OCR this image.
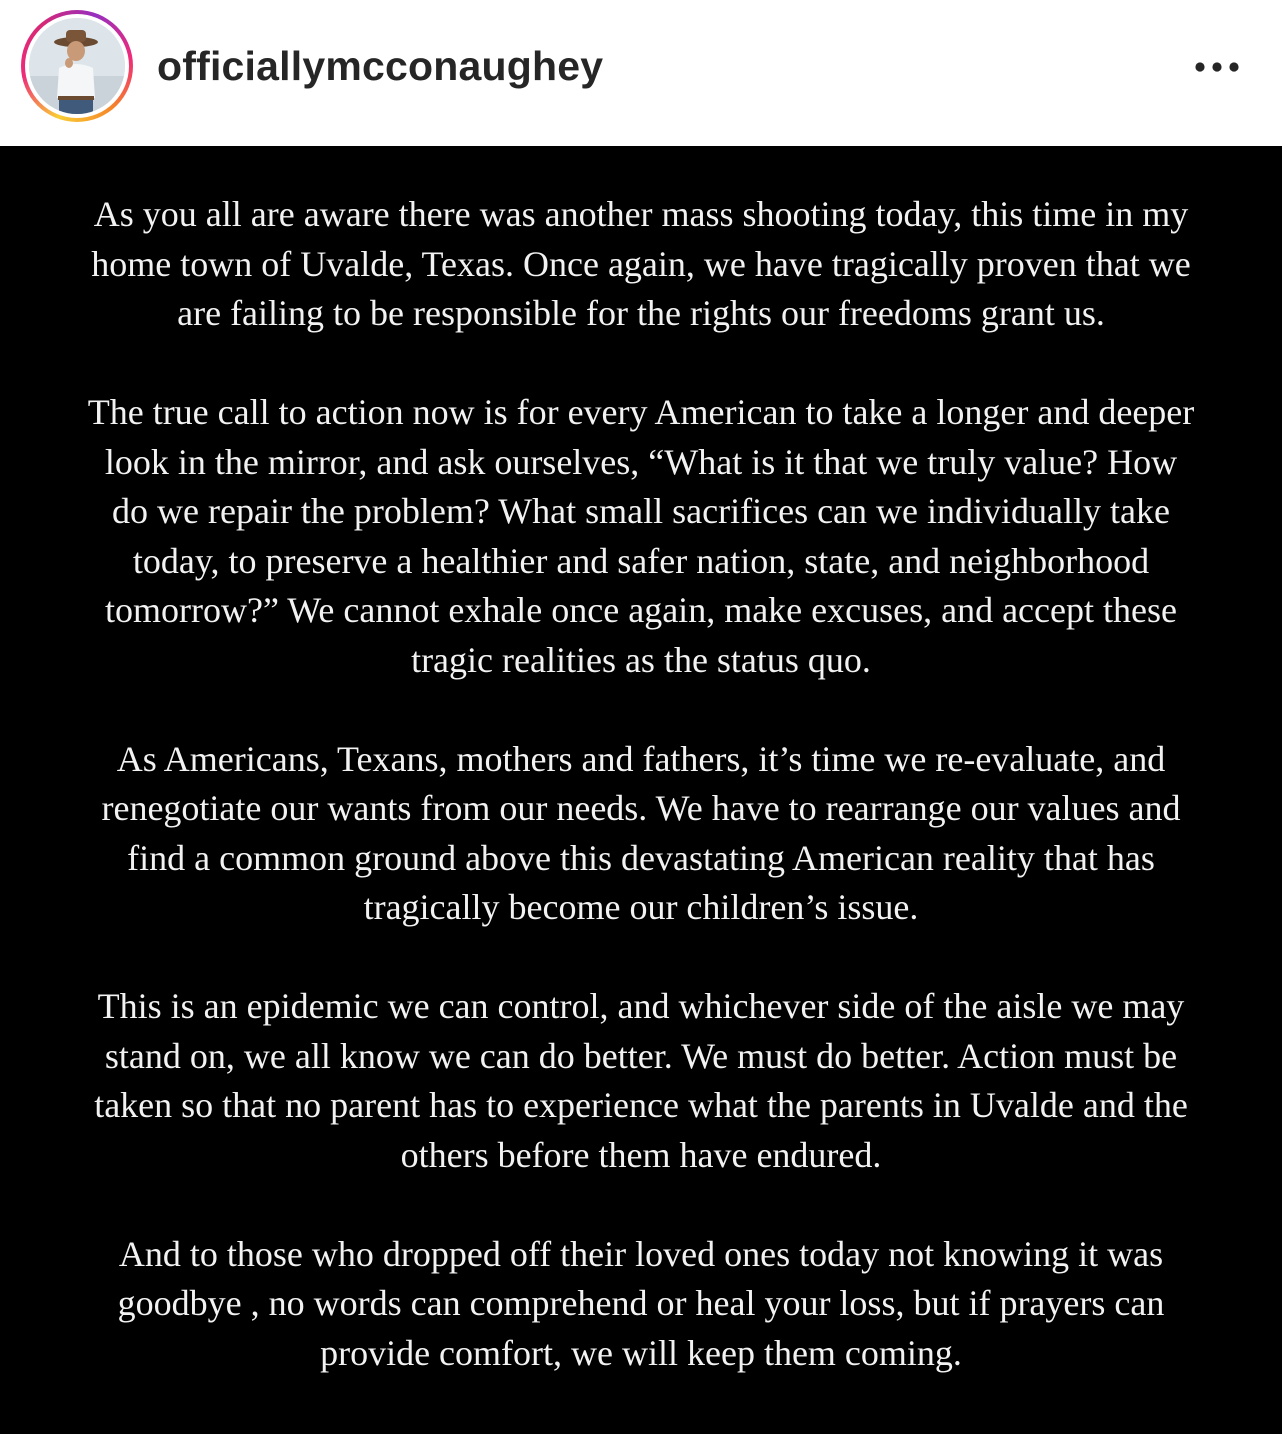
officiallymcconaughey
As you all are aware there was another mass shooting today, this time in my
home town of Uvalde, Texas. Once again, we have tragically proven that we
are failing to be responsible for the rights our freedoms grant us.
The true call to action now is for every American to take a longer and deeper
look in the mirror, and ask ourselves, “What is it that we truly value? How
do we repair the problem? What small sacrifices can we individually take
today, to preserve a healthier and safer nation, state, and neighborhood
tomorrow?” We cannot exhale once again, make excuses, and accept these
tragic realities as the status quo.
As Americans, Texans, mothers and fathers, it’s time we re-evaluate, and
renegotiate our wants from our needs. We have to rearrange our values and
find a common ground above this devastating American reality that has
tragically become our children’s issue.
This is an epidemic we can control, and whichever side of the aisle we may
stand on, we all know we can do better. We must do better. Action must be
taken so that no parent has to experience what the parents in Uvalde and the
others before them have endured.
And to those who dropped off their loved ones today not knowing it was
goodbye , no words can comprehend or heal your loss, but if prayers can
provide comfort, we will keep them coming.
